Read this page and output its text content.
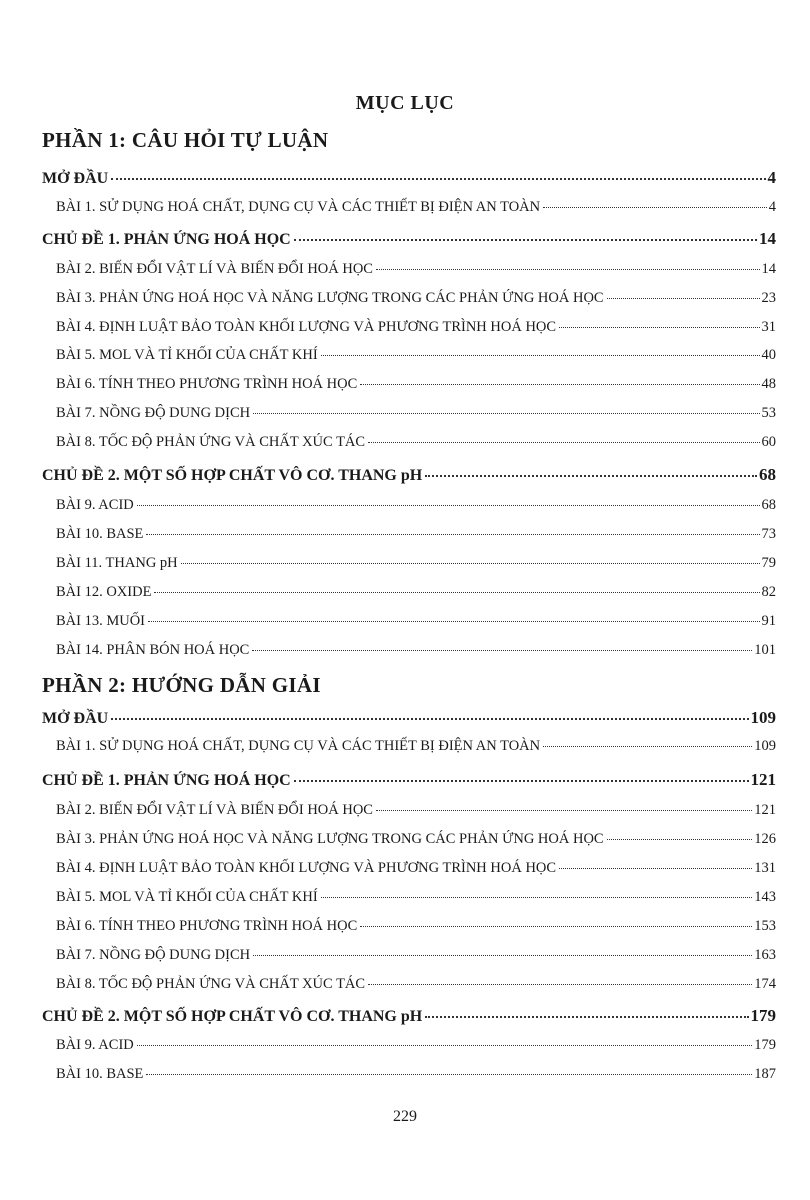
MỤC LỤC
PHẦN 1: CÂU HỎI TỰ LUẬN
MỞ ĐẦU	4
BÀI 1. SỬ DỤNG HOÁ CHẤT, DỤNG CỤ VÀ CÁC THIẾT BỊ ĐIỆN AN TOÀN	4
CHỦ ĐỀ 1. PHẢN ỨNG HOÁ HỌC	14
BÀI 2. BIẾN ĐỔI VẬT LÍ VÀ BIẾN ĐỔI HOÁ HỌC	14
BÀI 3. PHẢN ỨNG HOÁ HỌC VÀ NĂNG LƯỢNG TRONG CÁC PHẢN ỨNG HOÁ HỌC	23
BÀI 4. ĐỊNH LUẬT BẢO TOÀN KHỐI LƯỢNG VÀ PHƯƠNG TRÌNH HOÁ HỌC	31
BÀI 5. MOL VÀ TỈ KHỐI CỦA CHẤT KHÍ	40
BÀI 6. TÍNH THEO PHƯƠNG TRÌNH HOÁ HỌC	48
BÀI 7. NỒNG ĐỘ DUNG DỊCH	53
BÀI 8. TỐC ĐỘ PHẢN ỨNG VÀ CHẤT XÚC TÁC	60
CHỦ ĐỀ 2. MỘT SỐ HỢP CHẤT VÔ CƠ. THANG pH	68
BÀI 9. ACID	68
BÀI 10. BASE	73
BÀI 11. THANG pH	79
BÀI 12. OXIDE	82
BÀI 13. MUỐI	91
BÀI 14. PHÂN BÓN HOÁ HỌC	101
PHẦN 2: HƯỚNG DẪN GIẢI
MỞ ĐẦU	109
BÀI 1. SỬ DỤNG HOÁ CHẤT, DỤNG CỤ VÀ CÁC THIẾT BỊ ĐIỆN AN TOÀN	109
CHỦ ĐỀ 1. PHẢN ỨNG HOÁ HỌC	121
BÀI 2. BIẾN ĐỔI VẬT LÍ VÀ BIẾN ĐỔI HOÁ HỌC	121
BÀI 3. PHẢN ỨNG HOÁ HỌC VÀ NĂNG LƯỢNG TRONG CÁC PHẢN ỨNG HOÁ HỌC	126
BÀI 4. ĐỊNH LUẬT BẢO TOÀN KHỐI LƯỢNG VÀ PHƯƠNG TRÌNH HOÁ HỌC	131
BÀI 5. MOL VÀ TỈ KHỐI CỦA CHẤT KHÍ	143
BÀI 6. TÍNH THEO PHƯƠNG TRÌNH HOÁ HỌC	153
BÀI 7. NỒNG ĐỘ DUNG DỊCH	163
BÀI 8. TỐC ĐỘ PHẢN ỨNG VÀ CHẤT XÚC TÁC	174
CHỦ ĐỀ 2. MỘT SỐ HỢP CHẤT VÔ CƠ. THANG pH	179
BÀI 9. ACID	179
BÀI 10. BASE	187
229
